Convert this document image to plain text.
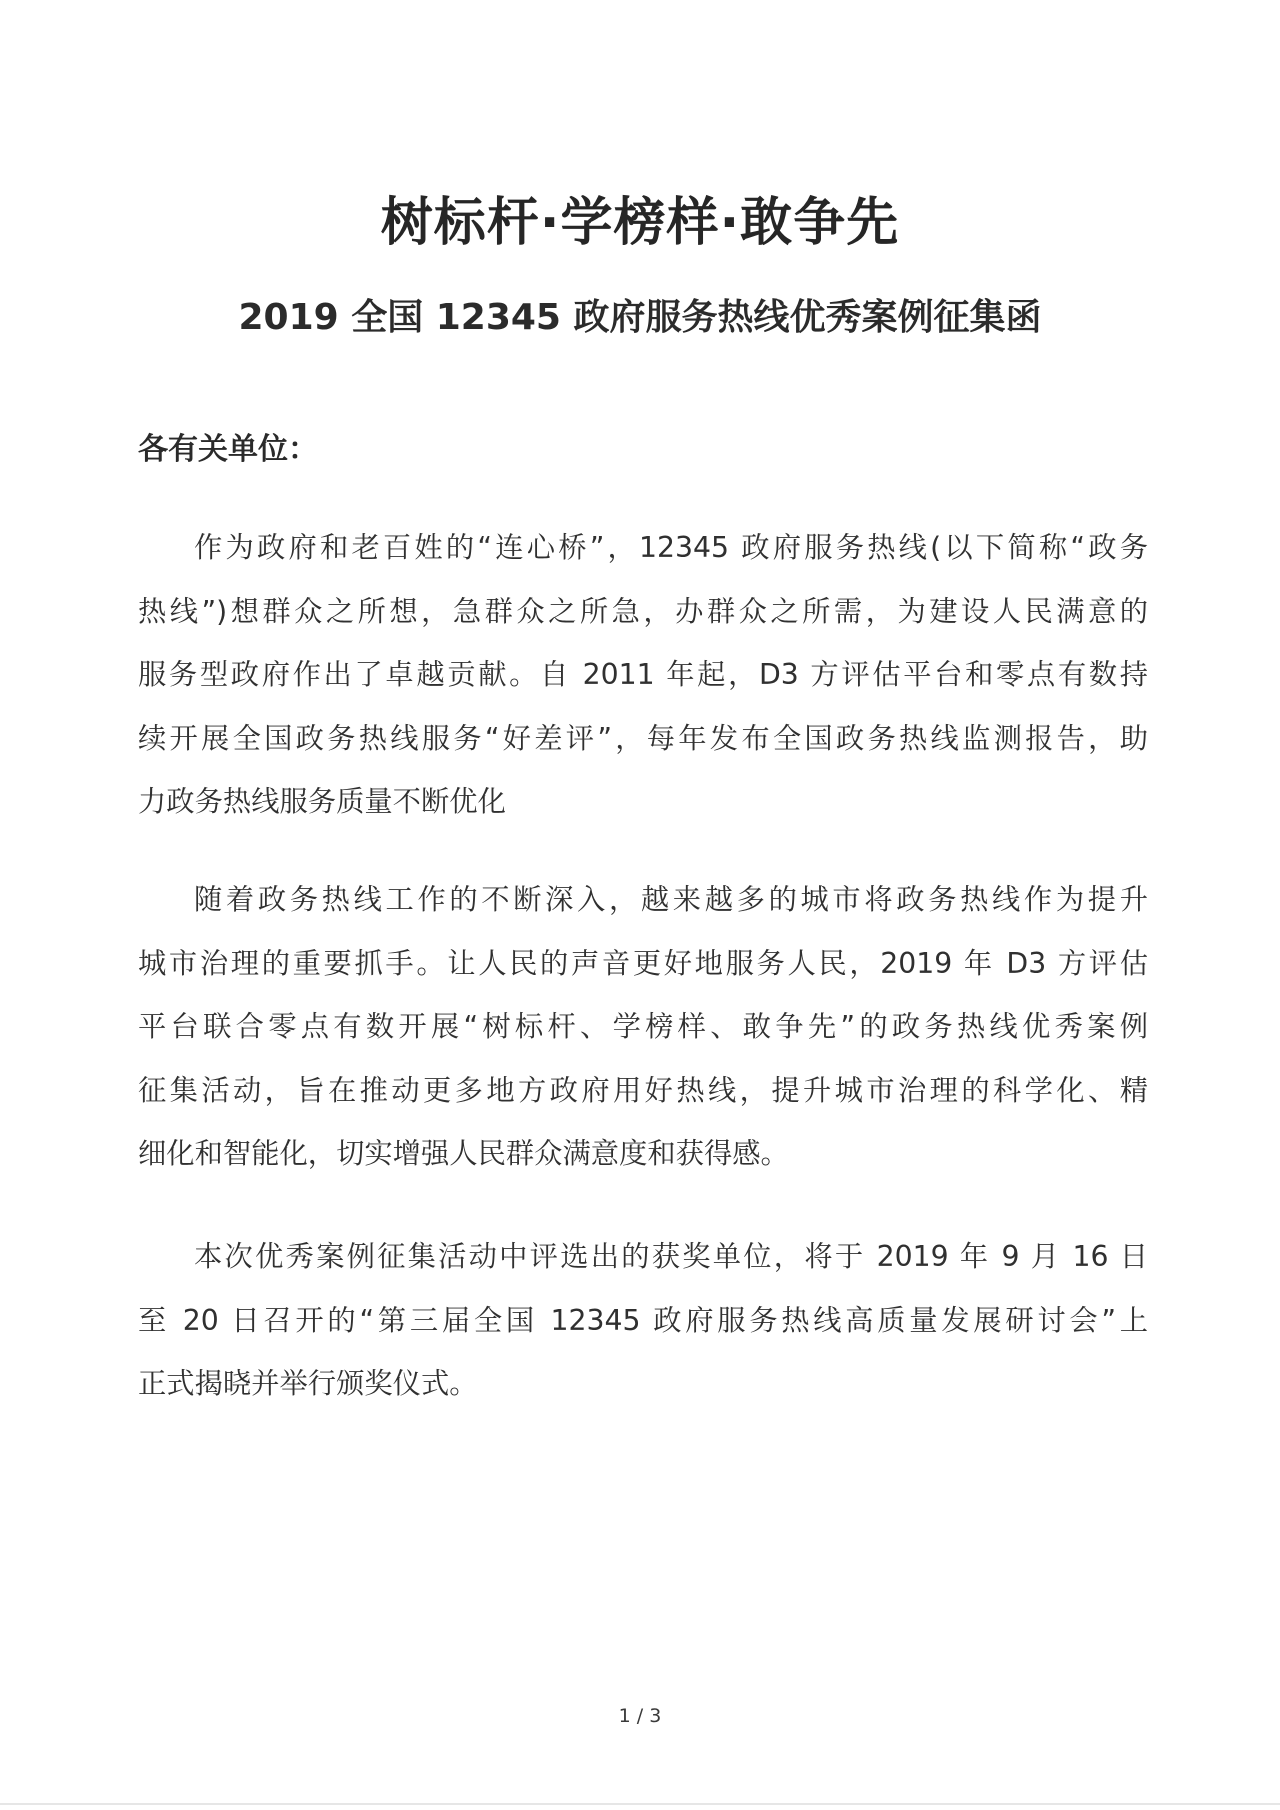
树标杆·学榜样·敢争先
2019 全国 12345 政府服务热线优秀案例征集函
各有关单位：
作为政府和老百姓的“连心桥”，12345 政府服务热线(以下简称“政务
热线”)想群众之所想，急群众之所急，办群众之所需，为建设人民满意的
服务型政府作出了卓越贡献。自 2011 年起，D3 方评估平台和零点有数持
续开展全国政务热线服务“好差评”，每年发布全国政务热线监测报告，助
力政务热线服务质量不断优化
随着政务热线工作的不断深入，越来越多的城市将政务热线作为提升
城市治理的重要抓手。让人民的声音更好地服务人民，2019 年 D3 方评估
平台联合零点有数开展“树标杆、学榜样、敢争先”的政务热线优秀案例
征集活动，旨在推动更多地方政府用好热线，提升城市治理的科学化、精
细化和智能化，切实增强人民群众满意度和获得感。
本次优秀案例征集活动中评选出的获奖单位，将于 2019 年 9 月 16 日
至 20 日召开的“第三届全国 12345 政府服务热线高质量发展研讨会”上
正式揭晓并举行颁奖仪式。
1 / 3
